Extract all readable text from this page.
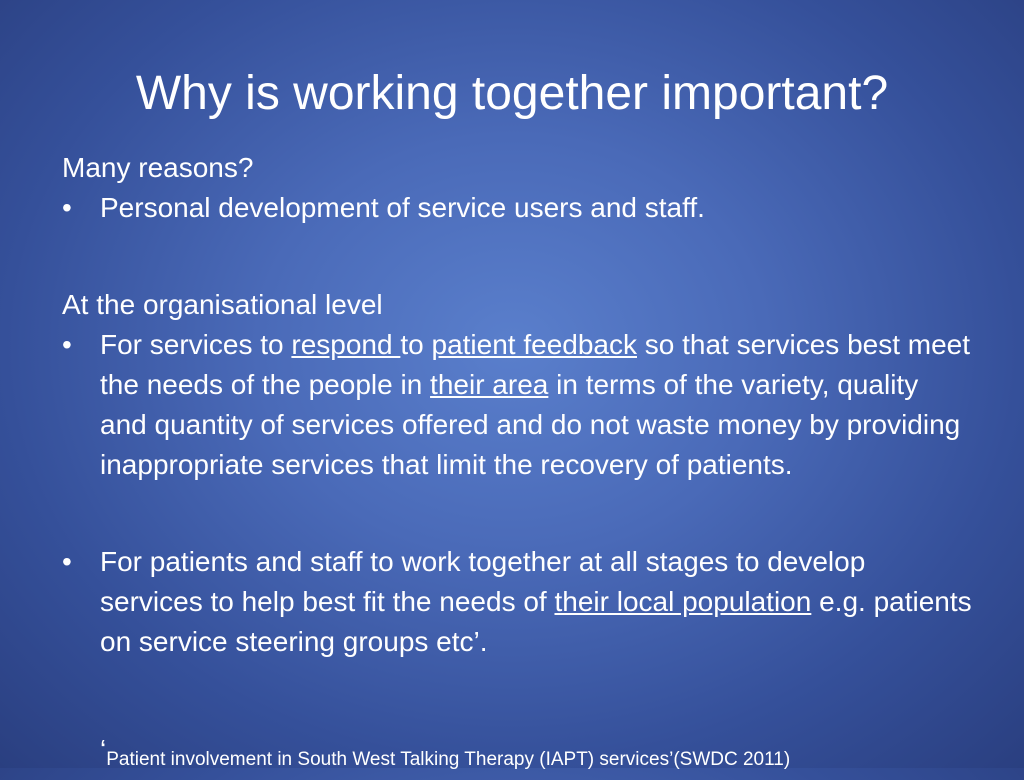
Why is working together important?

Many reasons?

• Personal development of service users and staff.

At the organisational level

• For services to respond to patient feedback so that services best meet the needs of the people in their area in terms of the variety, quality and quantity of services offered and do not waste money by providing inappropriate services that limit the recovery of patients.

• For patients and staff to work together at all stages to develop services to help best fit the needs of their local population e.g. patients on service steering groups etc’.

‘Patient involvement in South West Talking Therapy (IAPT) services’(SWDC 2011)
